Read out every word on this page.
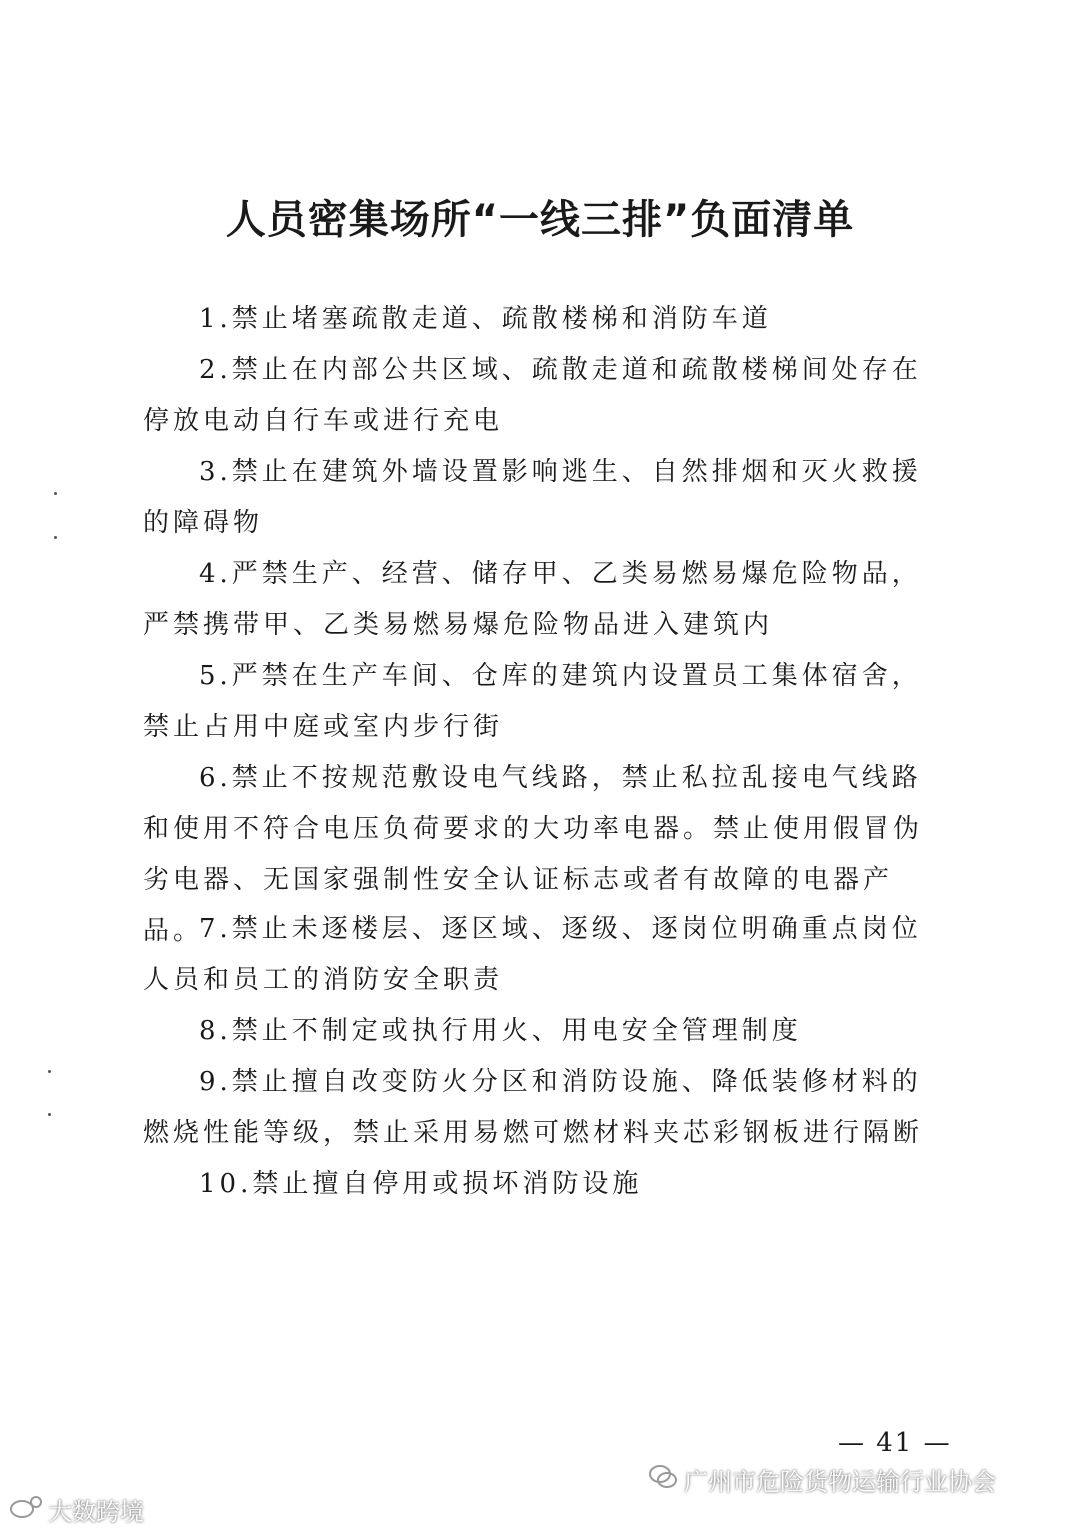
人员密集场所“一线三排”负面清单

1.禁止堵塞疏散走道、疏散楼梯和消防车道

2.禁止在内部公共区域、疏散走道和疏散楼梯间处存在停放电动自行车或进行充电

3.禁止在建筑外墙设置影响逃生、自然排烟和灭火救援的障碍物

4.严禁生产、经营、储存甲、乙类易燃易爆危险物品，严禁携带甲、乙类易燃易爆危险物品进入建筑内

5.严禁在生产车间、仓库的建筑内设置员工集体宿舍，禁止占用中庭或室内步行街

6.禁止不按规范敷设电气线路，禁止私拉乱接电气线路和使用不符合电压负荷要求的大功率电器。禁止使用假冒伪劣电器、无国家强制性安全认证标志或者有故障的电器产品。

7.禁止未逐楼层、逐区域、逐级、逐岗位明确重点岗位人员和员工的消防安全职责

8.禁止不制定或执行用火、用电安全管理制度

9.禁止擅自改变防火分区和消防设施、降低装修材料的燃烧性能等级，禁止采用易燃可燃材料夹芯彩钢板进行隔断

10.禁止擅自停用或损坏消防设施

— 41 —
广州市危险货物运输行业协会
大数跨境
